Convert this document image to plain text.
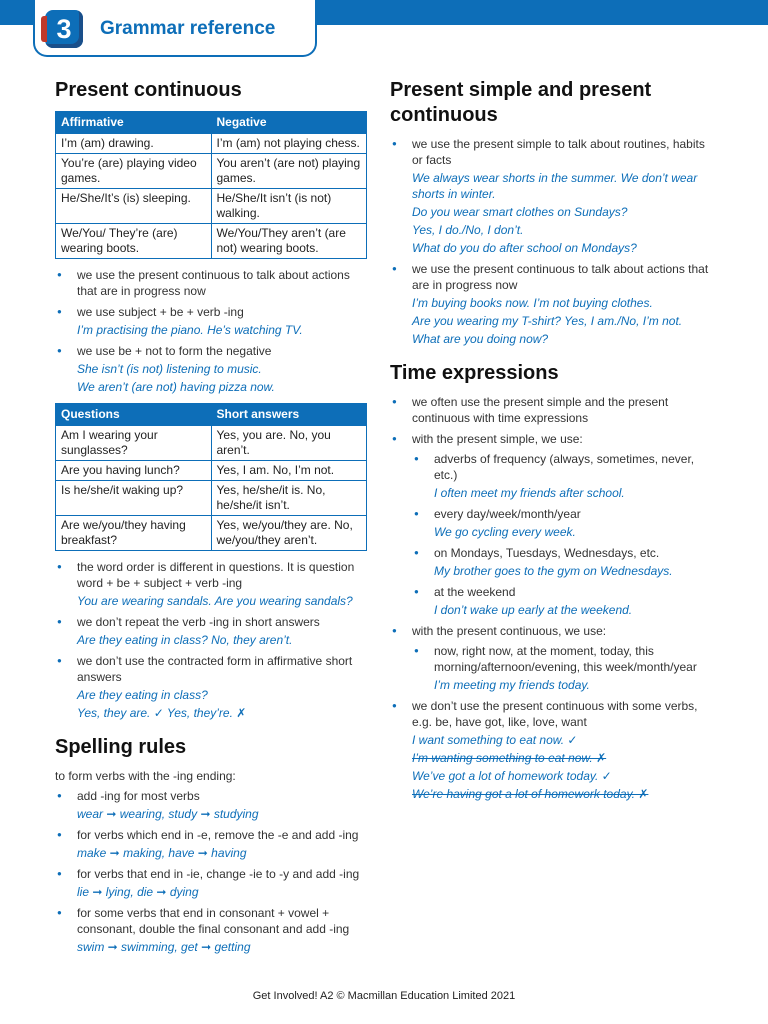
3	Grammar reference
Present continuous
Affirmative	Negative
I’m (am) drawing.	I’m (am) not playing chess.
You’re (are) playing video games.	You aren’t (are not) playing games.
He/She/It’s (is) sleeping.	He/She/It isn’t (is not) walking.
We/You/ They’re (are) wearing boots.	We/You/They aren’t (are not) wearing boots.
● we use the present continuous to talk about actions that are in progress now
● we use subject + be + verb -ing
I’m practising the piano. He’s watching TV.
● we use be + not to form the negative
She isn’t (is not) listening to music.
We aren’t (are not) having pizza now.
Questions	Short answers
Am I wearing your sunglasses?	Yes, you are. No, you aren’t.
Are you having lunch?	Yes, I am. No, I’m not.
Is he/she/it waking up?	Yes, he/she/it is. No, he/she/it isn’t.
Are we/you/they having breakfast?	Yes, we/you/they are. No, we/you/they aren’t.
● the word order is different in questions. It is question word + be + subject + verb -ing
You are wearing sandals. Are you wearing sandals?
● we don’t repeat the verb -ing in short answers
Are they eating in class? No, they aren’t.
● we don’t use the contracted form in affirmative short answers
Are they eating in class?
Yes, they are. ✓ Yes, they’re. ✗
Spelling rules

to form verbs with the -ing ending:

● add -ing for most verbs
wear ➞ wearing, study ➞ studying
● for verbs which end in -e, remove the -e and add -ing
make ➞ making, have ➞ having
● for verbs that end in -ie, change -ie to -y and add -ing
lie ➞ lying, die ➞ dying
● for some verbs that end in consonant + vowel + consonant, double the final consonant and add -ing
swim ➞ swimming, get ➞ getting
Present simple and present continuous
● we use the present simple to talk about routines, habits or facts
We always wear shorts in the summer. We don’t wear shorts in winter.
Do you wear smart clothes on Sundays?
Yes, I do./No, I don’t.
What do you do after school on Mondays?
● we use the present continuous to talk about actions that are in progress now
I’m buying books now. I’m not buying clothes.
Are you wearing my T-shirt? Yes, I am./No, I’m not.
What are you doing now?
Time expressions
● we often use the present simple and the present continuous with time expressions
● with the present simple, we use:
● adverbs of frequency (always, sometimes, never, etc.)
I often meet my friends after school.
● every day/week/month/year
We go cycling every week.
● on Mondays, Tuesdays, Wednesdays, etc.
My brother goes to the gym on Wednesdays.
● at the weekend
I don’t wake up early at the weekend.
● with the present continuous, we use:
● now, right now, at the moment, today, this morning/afternoon/evening, this week/month/year
I’m meeting my friends today.
● we don’t use the present continuous with some verbs, e.g. be, have got, like, love, want
I want something to eat now. ✓
I’m wanting something to eat now. ✗
We’ve got a lot of homework today. ✓
We’re having got a lot of homework today. ✗
Get Involved! A2 © Macmillan Education Limited 2021
